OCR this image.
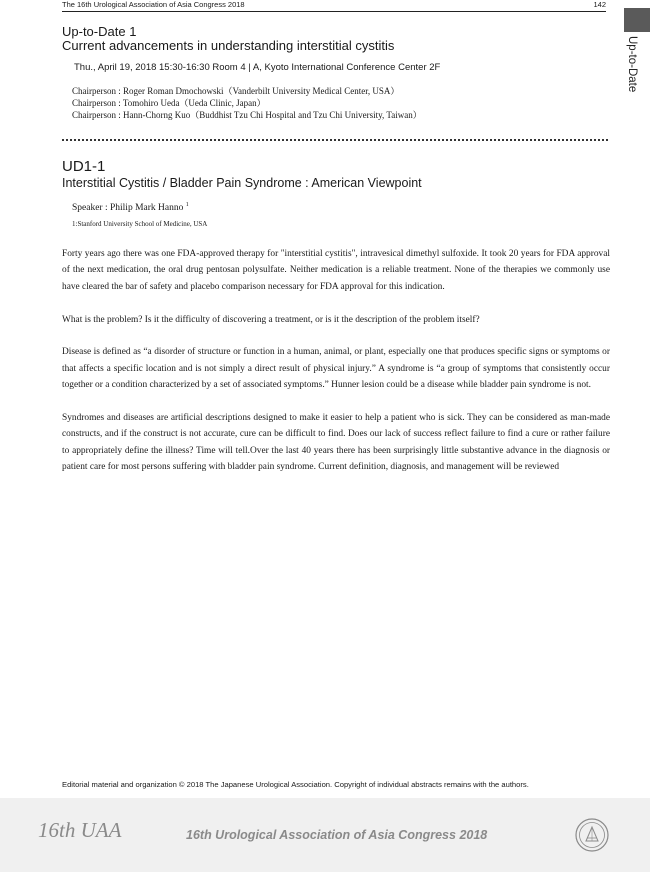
The 16th Urological Association of Asia Congress 2018	142
Up-to-Date
Up-to-Date 1
Current advancements in understanding interstitial cystitis
Thu., April 19, 2018 15:30-16:30 Room 4 | A, Kyoto International Conference Center 2F
Chairperson : Roger Roman Dmochowski（Vanderbilt University Medical Center, USA）
Chairperson : Tomohiro Ueda（Ueda Clinic, Japan）
Chairperson : Hann-Chorng Kuo（Buddhist Tzu Chi Hospital and Tzu Chi University, Taiwan）
UD1-1
Interstitial Cystitis / Bladder Pain Syndrome : American Viewpoint
Speaker : Philip Mark Hanno $^1$
1:Stanford University School of Medicine, USA

Forty years ago there was one FDA-approved therapy for "interstitial cystitis", intravesical dimethyl sulfoxide. It took 20 years for FDA approval of the next medication, the oral drug pentosan polysulfate. Neither medication is a reliable treatment. None of the therapies we commonly use have cleared the bar of safety and placebo comparison necessary for FDA approval for this indication.

What is the problem? Is it the difficulty of discovering a treatment, or is it the description of the problem itself?

Disease is defined as “a disorder of structure or function in a human, animal, or plant, especially one that produces specific signs or symptoms or that affects a specific location and is not simply a direct result of physical injury.” A syndrome is “a group of symptoms that consistently occur together or a condition characterized by a set of associated symptoms.” Hunner lesion could be a disease while bladder pain syndrome is not.

Syndromes and diseases are artificial descriptions designed to make it easier to help a patient who is sick. They can be considered as man-made constructs, and if the construct is not accurate, cure can be difficult to find. Does our lack of success reflect failure to find a cure or rather failure to appropriately define the illness? Time will tell.Over the last 40 years there has been surprisingly little substantive advance in the diagnosis or patient care for most persons suffering with bladder pain syndrome. Current definition, diagnosis, and management will be reviewed

Editorial material and organization © 2018 The Japanese Urological Association. Copyright of individual abstracts remains with the authors.
16th UAA	16th Urological Association of Asia Congress 2018
